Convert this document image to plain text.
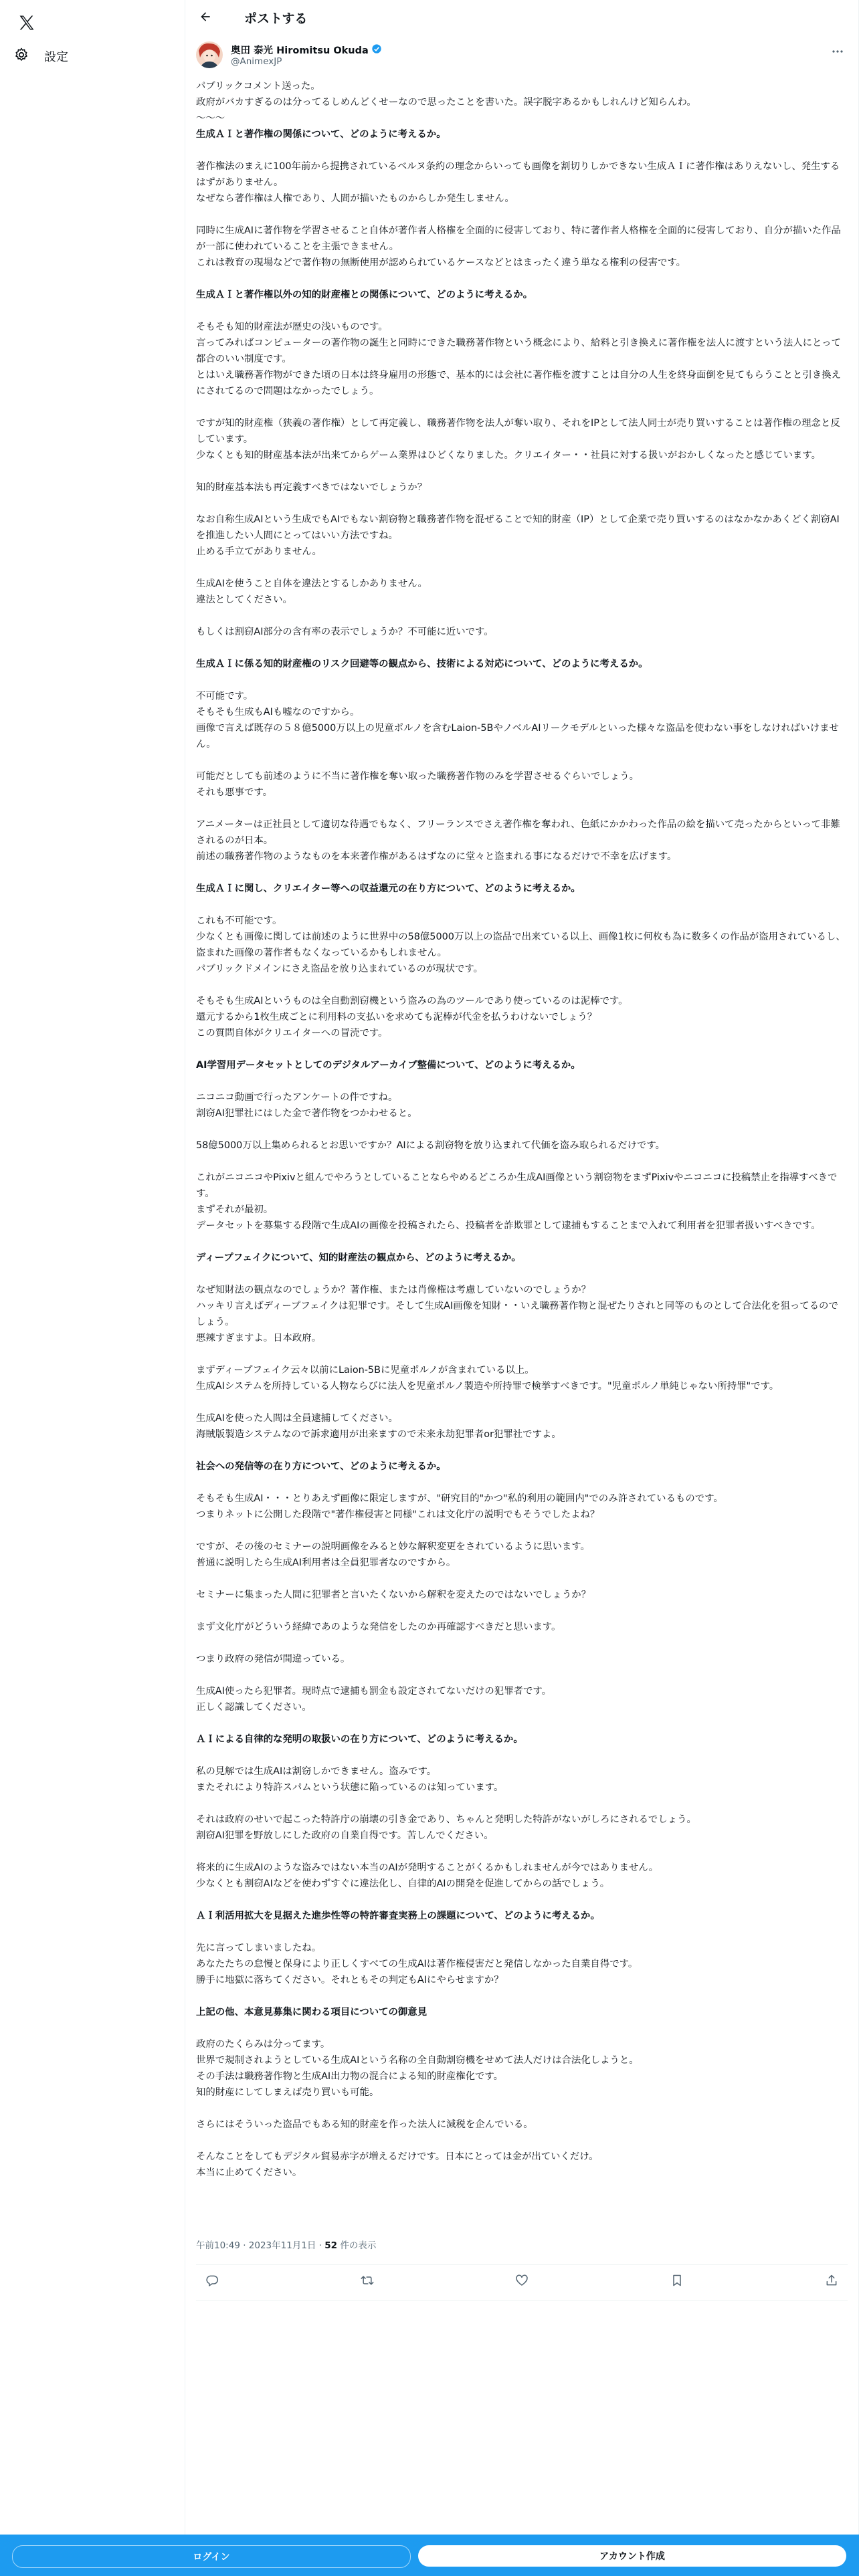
設定
ポストする
奥田 泰光 Hiromitsu Okuda
@AnimexJP
パブリックコメント送った。
政府がバカすぎるのは分ってるしめんどくせーなので思ったことを書いた。誤字脱字あるかもしれんけど知らんわ。
〜〜〜
生成ＡＩと著作権の関係について、どのように考えるか。
著作権法のまえに100年前から提携されているベルヌ条約の理念からいっても画像を割切りしかできない生成ＡＩに著作権はありえないし、発生するはずがありません。
なぜなら著作権は人権であり、人間が描いたものからしか発生しません。
同時に生成AIに著作物を学習させること自体が著作者人格権を全面的に侵害しており、特に著作者人格権を全面的に侵害しており、自分が描いた作品が一部に使われていることを主張できません。
これは教育の現場などで著作物の無断使用が認められているケースなどとはまったく違う単なる権利の侵害です。
生成ＡＩと著作権以外の知的財産権との関係について、どのように考えるか。
そもそも知的財産法が歴史の浅いものです。
言ってみればコンピューターの著作物の誕生と同時にできた職務著作物という概念により、給料と引き換えに著作権を法人に渡すという法人にとって都合のいい制度です。
とはいえ職務著作物ができた頃の日本は終身雇用の形態で、基本的には会社に著作権を渡すことは自分の人生を終身面倒を見てもらうことと引き換えにされてるので問題はなかったでしょう。
ですが知的財産権（狭義の著作権）として再定義し、職務著作物を法人が奪い取り、それをIPとして法人同士が売り買いすることは著作権の理念と反しています。
少なくとも知的財産基本法が出来てからゲーム業界はひどくなりました。クリエイター・・社員に対する扱いがおかしくなったと感じています。
知的財産基本法も再定義すべきではないでしょうか？
なお自称生成AIという生成でもAIでもない割窃物と職務著作物を混ぜることで知的財産（IP）として企業で売り買いするのはなかなかあくどく割窃AIを推進したい人間にとってはいい方法ですね。
止める手立てがありません。
生成AIを使うこと自体を違法とするしかありません。
違法としてください。
もしくは割窃AI部分の含有率の表示でしょうか？不可能に近いです。
生成ＡＩに係る知的財産権のリスク回避等の観点から、技術による対応について、どのように考えるか。
不可能です。
そもそも生成もAIも嘘なのですから。
画像で言えば既存の５８億5000万以上の児童ポルノを含むLaion-5BやノベルAIリークモデルといった様々な盗品を使わない事をしなければいけません。
可能だとしても前述のように不当に著作権を奪い取った職務著作物のみを学習させるぐらいでしょう。
それも悪事です。
アニメーターは正社員として適切な待遇でもなく、フリーランスでさえ著作権を奪われ、色紙にかかわった作品の絵を描いて売ったからといって非難されるのが日本。
前述の職務著作物のようなものを本来著作権があるはずなのに堂々と盗まれる事になるだけで不幸を広げます。
生成ＡＩに関し、クリエイター等への収益還元の在り方について、どのように考えるか。
これも不可能です。
少なくとも画像に関しては前述のように世界中の58億5000万以上の盗品で出来ている以上、画像1枚に何枚も為に数多くの作品が盗用されているし、盗まれた画像の著作者もなくなっているかもしれません。
パブリックドメインにさえ盗品を放り込まれているのが現状です。
そもそも生成AIというものは全自動割窃機という盗みの為のツールであり使っているのは泥棒です。
還元するから1枚生成ごとに利用料の支払いを求めても泥棒が代金を払うわけないでしょう？
この質問自体がクリエイターへの冒涜です。
AI学習用データセットとしてのデジタルアーカイブ整備について、どのように考えるか。
ニコニコ動画で行ったアンケートの件ですね。
割窃AI犯罪社にはした金で著作物をつかわせると。
58億5000万以上集められるとお思いですか？AIによる割窃物を放り込まれて代価を盗み取られるだけです。
これがニコニコやPixivと組んでやろうとしていることならやめるどころか生成AI画像という割窃物をまずPixivやニコニコに投稿禁止を指導すべきです。
まずそれが最初。
データセットを募集する段階で生成AIの画像を投稿されたら、投稿者を詐欺罪として逮捕もすることまで入れて利用者を犯罪者扱いすべきです。
ディープフェイクについて、知的財産法の観点から、どのように考えるか。
なぜ知財法の観点なのでしょうか？著作権、または肖像権は考慮していないのでしょうか？
ハッキリ言えばディープフェイクは犯罪です。そして生成AI画像を知財・・いえ職務著作物と混ぜたりされと同等のものとして合法化を狙ってるのでしょう。
悪辣すぎますよ。日本政府。
まずディープフェイク云々以前にLaion-5Bに児童ポルノが含まれている以上。
生成AIシステムを所持している人物ならびに法人を児童ポルノ製造や所持罪で検挙すべきです。"児童ポルノ単純じゃない所持罪"です。
生成AIを使った人間は全員逮捕してください。
海賊版製造システムなので訴求適用が出来ますので未来永劫犯罪者or犯罪社ですよ。
社会への発信等の在り方について、どのように考えるか。
そもそも生成AI・・・とりあえず画像に限定しますが、"研究目的"かつ"私的利用の範囲内"でのみ許されているものです。
つまりネットに公開した段階で"著作権侵害と同様"これは文化庁の説明でもそうでしたよね？
ですが、その後のセミナーの説明画像をみると妙な解釈変更をされているように思います。
普通に説明したら生成AI利用者は全員犯罪者なのですから。
セミナーに集まった人間に犯罪者と言いたくないから解釈を変えたのではないでしょうか？
まず文化庁がどういう経緯であのような発信をしたのか再確認すべきだと思います。
つまり政府の発信が間違っている。
生成AI使ったら犯罪者。現時点で逮捕も罰金も設定されてないだけの犯罪者です。
正しく認識してください。
ＡＩによる自律的な発明の取扱いの在り方について、どのように考えるか。
私の見解では生成AIは割窃しかできません。盗みです。
またそれにより特許スパムという状態に陥っているのは知っています。
それは政府のせいで起こった特許庁の崩壊の引き金であり、ちゃんと発明した特許がないがしろにされるでしょう。
割窃AI犯罪を野放しにした政府の自業自得です。苦しんでください。
将来的に生成AIのような盗みではない本当のAIが発明することがくるかもしれませんが今ではありません。
少なくとも割窃AIなどを使わずすぐに違法化し、自律的AIの開発を促進してからの話でしょう。
ＡＩ利活用拡大を見据えた進歩性等の特許審査実務上の課題について、どのように考えるか。
先に言ってしまいましたね。
あなたたちの怠慢と保身により正しくすべての生成AIは著作権侵害だと発信しなかった自業自得です。
勝手に地獄に落ちてください。それともその判定もAIにやらせますか？
上記の他、本意見募集に関わる項目についての御意見
政府のたくらみは分ってます。
世界で規制されようとしている生成AIという名称の全自動割窃機をせめて法人だけは合法化しようと。
その手法は職務著作物と生成AI出力物の混合による知的財産権化です。
知的財産にしてしまえば売り買いも可能。
さらにはそういった盗品でもある知的財産を作った法人に減税を企んでいる。
そんなことをしてもデジタル貿易赤字が増えるだけです。日本にとっては金が出ていくだけ。
本当に止めてください。
午前10:49 · 2023年11月1日 · 52 件の表示
ログイン	アカウント作成
